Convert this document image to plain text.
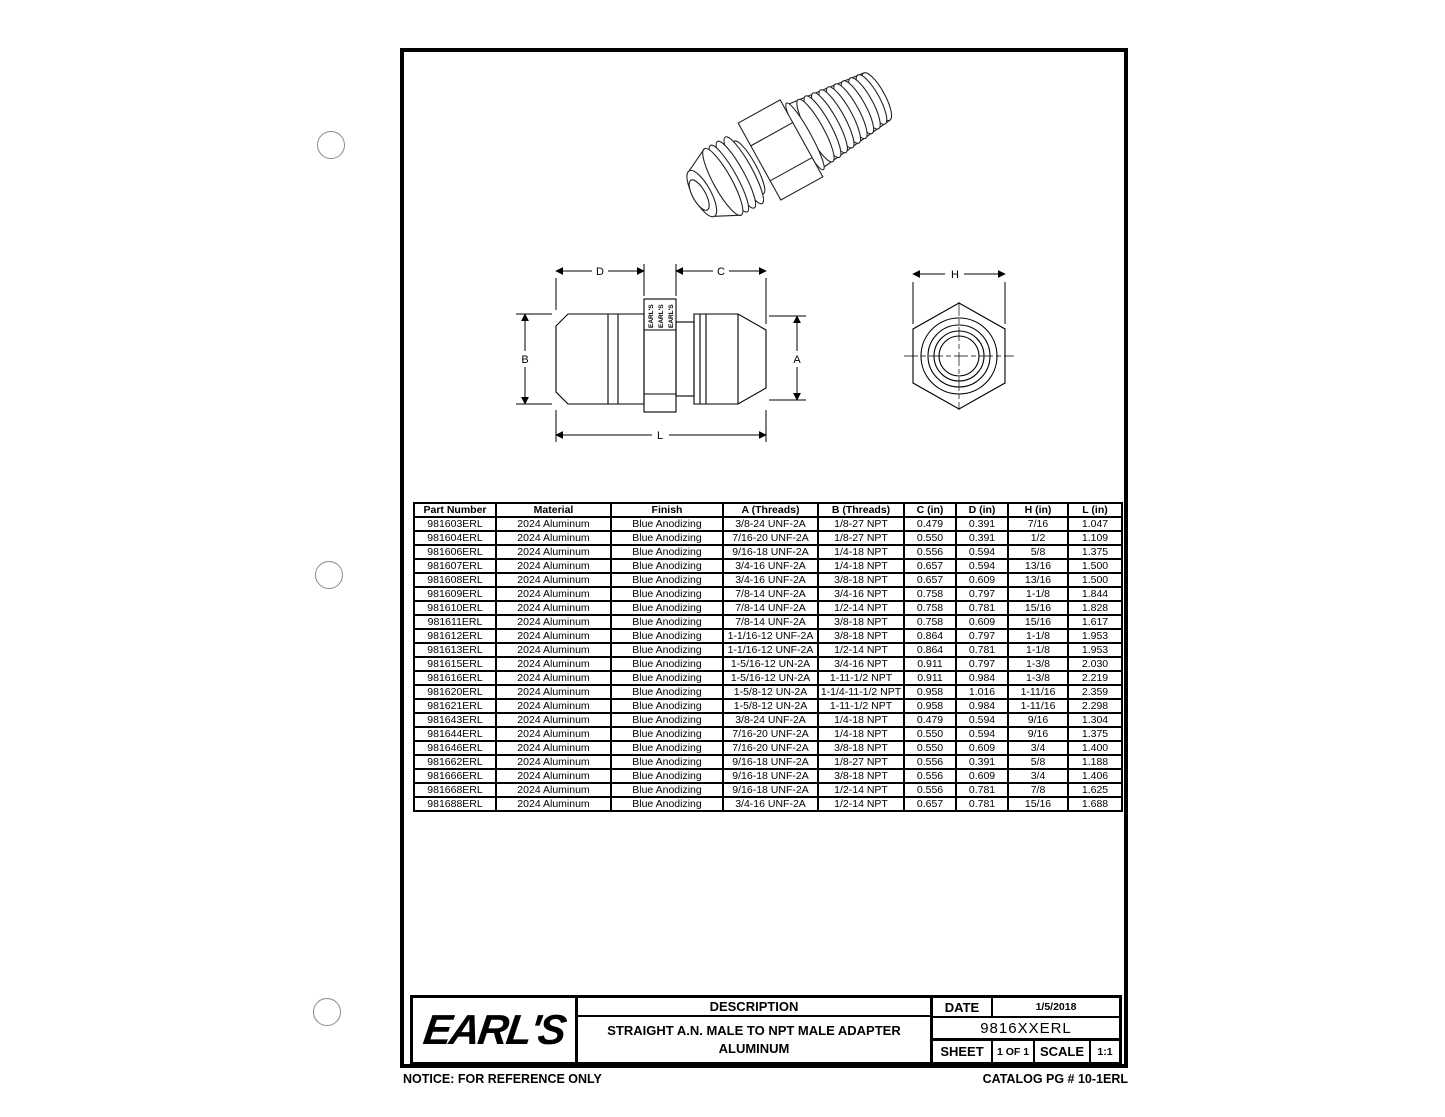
EARL'S EARL'S EARL'S
D	C
B	A
L
H
Part Number	Material	Finish	A (Threads)	B (Threads)	C (in)	D (in)	H (in)	L (in)
981603ERL	2024 Aluminum	Blue Anodizing	3/8-24 UNF-2A	1/8-27 NPT	0.479	0.391	7/16	1.047
981604ERL	2024 Aluminum	Blue Anodizing	7/16-20 UNF-2A	1/8-27 NPT	0.550	0.391	1/2	1.109
981606ERL	2024 Aluminum	Blue Anodizing	9/16-18 UNF-2A	1/4-18 NPT	0.556	0.594	5/8	1.375
981607ERL	2024 Aluminum	Blue Anodizing	3/4-16 UNF-2A	1/4-18 NPT	0.657	0.594	13/16	1.500
981608ERL	2024 Aluminum	Blue Anodizing	3/4-16 UNF-2A	3/8-18 NPT	0.657	0.609	13/16	1.500
981609ERL	2024 Aluminum	Blue Anodizing	7/8-14 UNF-2A	3/4-16 NPT	0.758	0.797	1-1/8	1.844
981610ERL	2024 Aluminum	Blue Anodizing	7/8-14 UNF-2A	1/2-14 NPT	0.758	0.781	15/16	1.828
981611ERL	2024 Aluminum	Blue Anodizing	7/8-14 UNF-2A	3/8-18 NPT	0.758	0.609	15/16	1.617
981612ERL	2024 Aluminum	Blue Anodizing	1-1/16-12 UNF-2A	3/8-18 NPT	0.864	0.797	1-1/8	1.953
981613ERL	2024 Aluminum	Blue Anodizing	1-1/16-12 UNF-2A	1/2-14 NPT	0.864	0.781	1-1/8	1.953
981615ERL	2024 Aluminum	Blue Anodizing	1-5/16-12 UN-2A	3/4-16 NPT	0.911	0.797	1-3/8	2.030
981616ERL	2024 Aluminum	Blue Anodizing	1-5/16-12 UN-2A	1-11-1/2 NPT	0.911	0.984	1-3/8	2.219
981620ERL	2024 Aluminum	Blue Anodizing	1-5/8-12 UN-2A	1-1/4-11-1/2 NPT	0.958	1.016	1-11/16	2.359
981621ERL	2024 Aluminum	Blue Anodizing	1-5/8-12 UN-2A	1-11-1/2 NPT	0.958	0.984	1-11/16	2.298
981643ERL	2024 Aluminum	Blue Anodizing	3/8-24 UNF-2A	1/4-18 NPT	0.479	0.594	9/16	1.304
981644ERL	2024 Aluminum	Blue Anodizing	7/16-20 UNF-2A	1/4-18 NPT	0.550	0.594	9/16	1.375
981646ERL	2024 Aluminum	Blue Anodizing	7/16-20 UNF-2A	3/8-18 NPT	0.550	0.609	3/4	1.400
981662ERL	2024 Aluminum	Blue Anodizing	9/16-18 UNF-2A	1/8-27 NPT	0.556	0.391	5/8	1.188
981666ERL	2024 Aluminum	Blue Anodizing	9/16-18 UNF-2A	3/8-18 NPT	0.556	0.609	3/4	1.406
981668ERL	2024 Aluminum	Blue Anodizing	9/16-18 UNF-2A	1/2-14 NPT	0.556	0.781	7/8	1.625
981688ERL	2024 Aluminum	Blue Anodizing	3/4-16 UNF-2A	1/2-14 NPT	0.657	0.781	15/16	1.688
EARL'S	DESCRIPTION
STRAIGHT A.N. MALE TO NPT MALE ADAPTER
ALUMINUM
DATE	1/5/2018
9816XXERL
SHEET	1 OF 1 SCALE	1:1
NOTICE: FOR REFERENCE ONLY	CATALOG PG # 10-1ERL
